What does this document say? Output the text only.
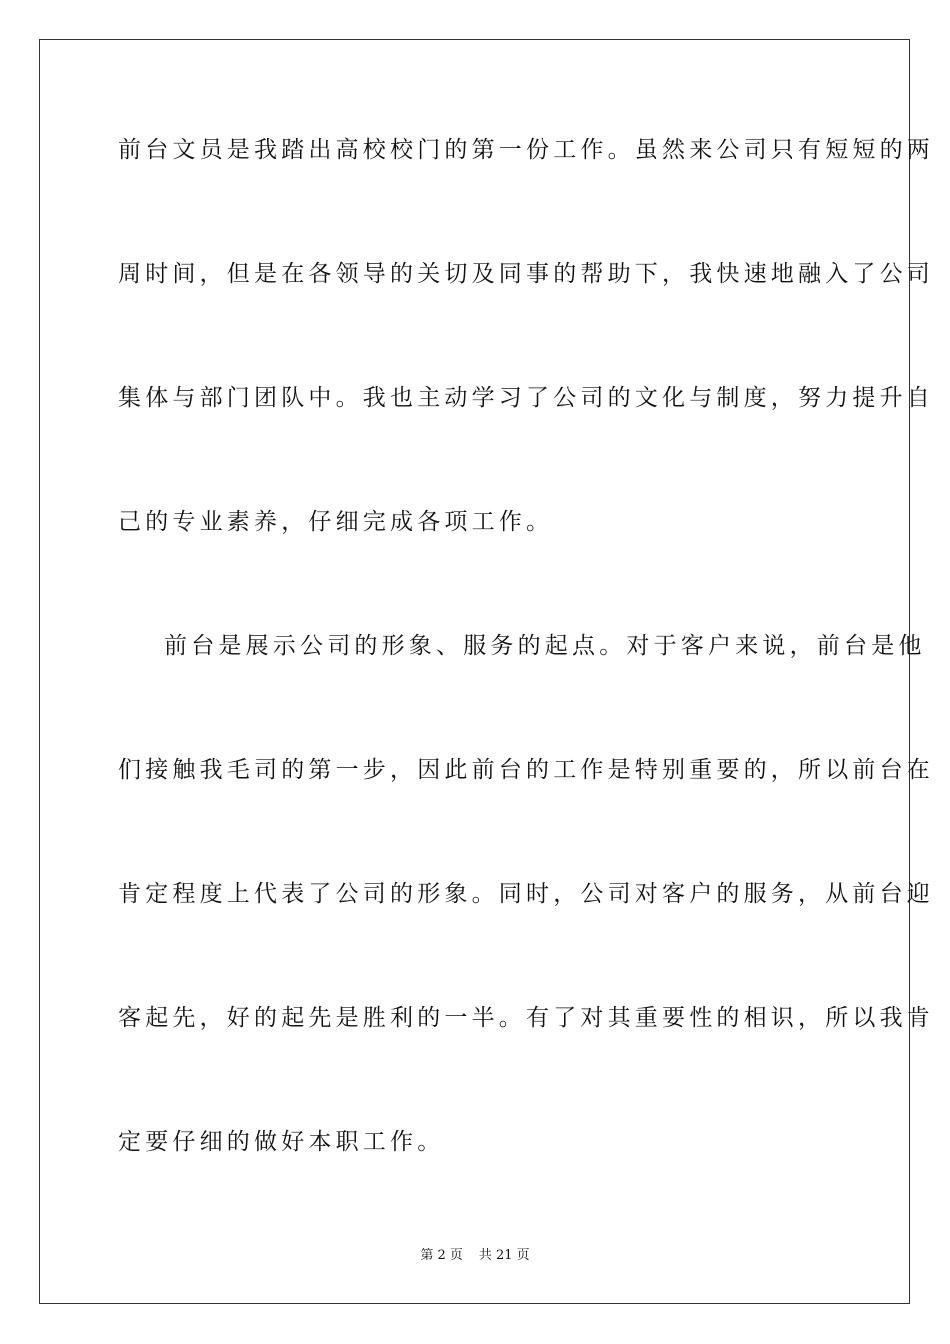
前台文员是我踏出高校校门的第一份工作。虽然来公司只有短短的两
周时间，但是在各领导的关切及同事的帮助下，我快速地融入了公司
集体与部门团队中。我也主动学习了公司的文化与制度，努力提升自
己的专业素养，仔细完成各项工作。
前台是展示公司的形象、服务的起点。对于客户来说，前台是他
们接触我毛司的第一步，因此前台的工作是特别重要的，所以前台在
肯定程度上代表了公司的形象。同时，公司对客户的服务，从前台迎
客起先，好的起先是胜利的一半。有了对其重要性的相识，所以我肯
定要仔细的做好本职工作。
第 2 页 共 21 页
